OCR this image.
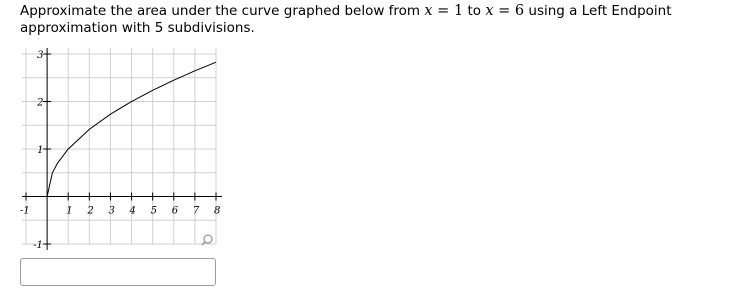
Approximate the area under the curve graphed below from x = 1 to x = 6 using a Left Endpoint approximation with 5 subdivisions.
-1	1 2 3 4 5 6 7 8
3
2
1
-1
